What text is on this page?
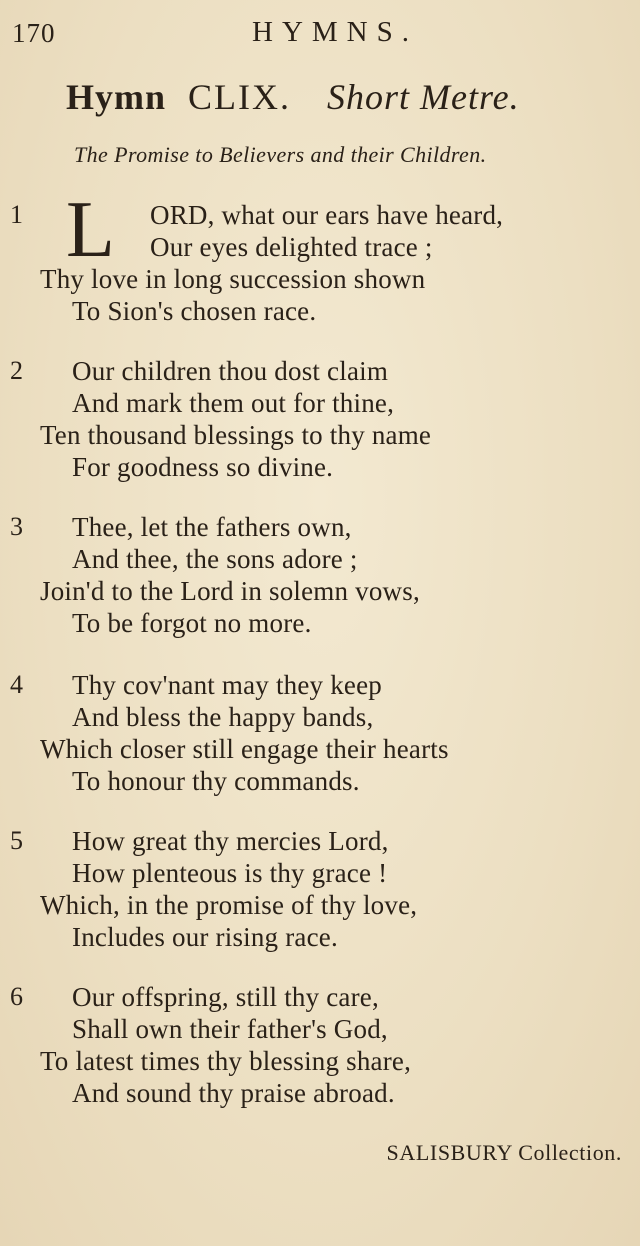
170	HYMNS.
Hymn CLIX. Short Metre.
The Promise to Believers and their Children.
1 L ORD, what our ears have heard,
Our eyes delighted trace ;
Thy love in long succession shown
To Sion's chosen race.
2 Our children thou dost claim
And mark them out for thine,
Ten thousand blessings to thy name
For goodness so divine.
3 Thee, let the fathers own,
And thee, the sons adore ;
Join'd to the Lord in solemn vows,
To be forgot no more.
4 Thy cov'nant may they keep
And bless the happy bands,
Which closer still engage their hearts
To honour thy commands.
5 How great thy mercies Lord,
How plenteous is thy grace !
Which, in the promise of thy love,
Includes our rising race.
6 Our offspring, still thy care,
Shall own their father's God,
To latest times thy blessing share,
And sound thy praise abroad.
SALISBURY Collection.
